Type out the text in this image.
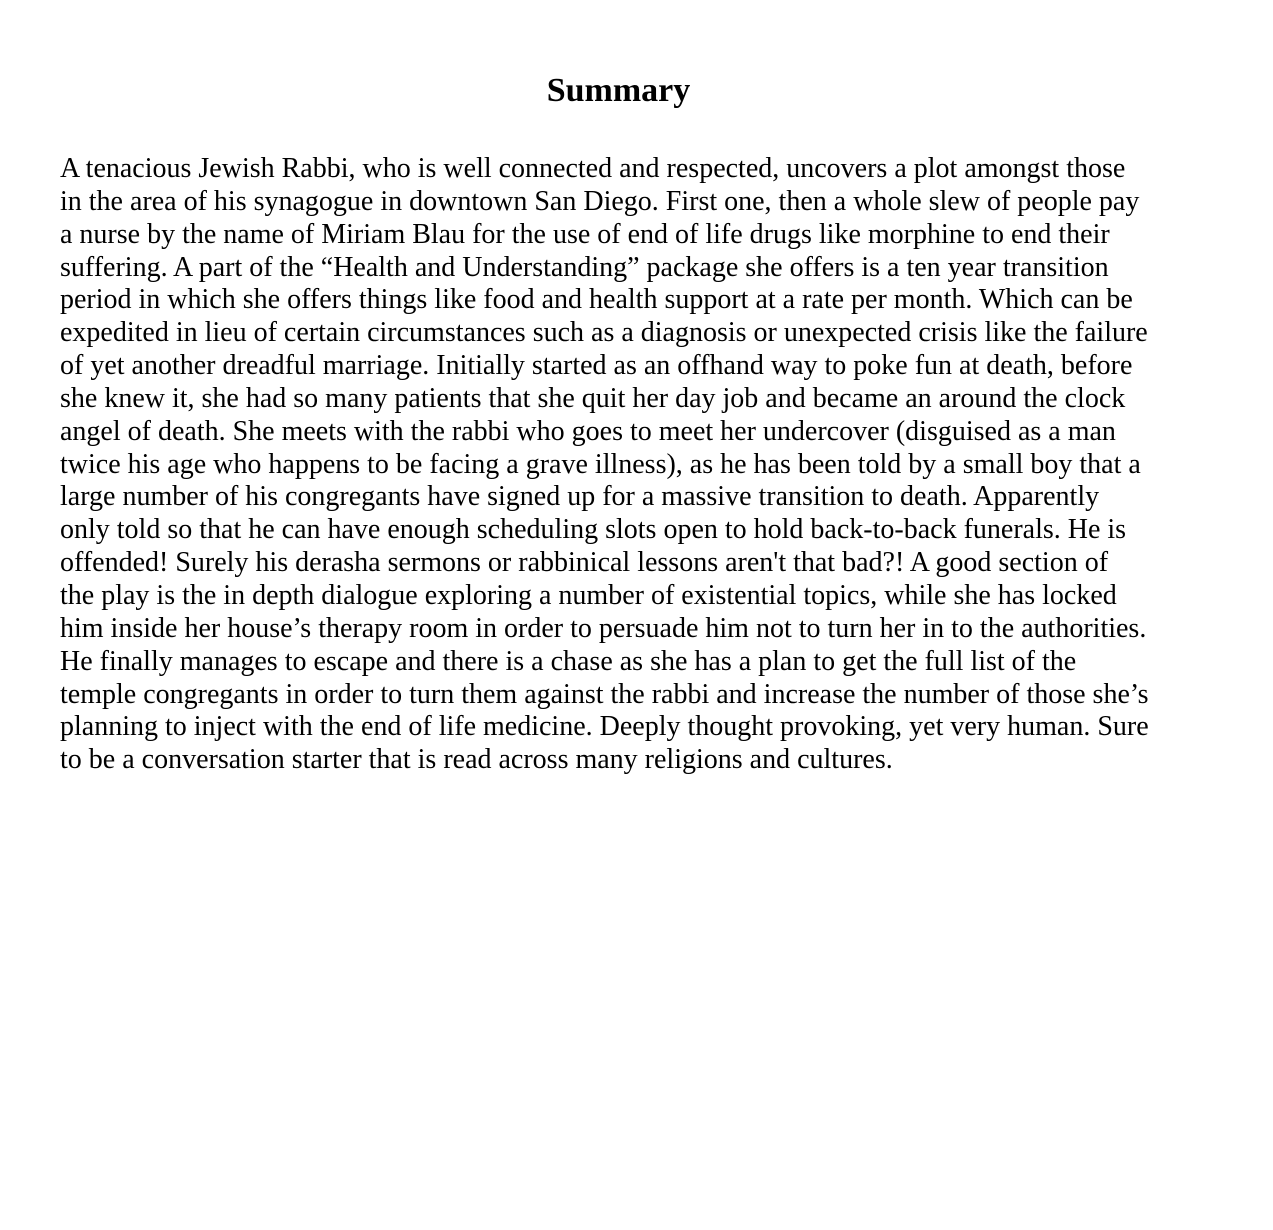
Summary
A tenacious Jewish Rabbi, who is well connected and respected, uncovers a plot amongst those
in the area of his synagogue in downtown San Diego. First one, then a whole slew of people pay
a nurse by the name of Miriam Blau for the use of end of life drugs like morphine to end their
suffering. A part of the “Health and Understanding” package she offers is a ten year transition
period in which she offers things like food and health support at a rate per month. Which can be
expedited in lieu of certain circumstances such as a diagnosis or unexpected crisis like the failure
of yet another dreadful marriage. Initially started as an offhand way to poke fun at death, before
she knew it, she had so many patients that she quit her day job and became an around the clock
angel of death. She meets with the rabbi who goes to meet her undercover (disguised as a man
twice his age who happens to be facing a grave illness), as he has been told by a small boy that a
large number of his congregants have signed up for a massive transition to death. Apparently
only told so that he can have enough scheduling slots open to hold back-to-back funerals. He is
offended! Surely his derasha sermons or rabbinical lessons aren't that bad?! A good section of
the play is the in depth dialogue exploring a number of existential topics, while she has locked
him inside her house’s therapy room in order to persuade him not to turn her in to the authorities.
He finally manages to escape and there is a chase as she has a plan to get the full list of the
temple congregants in order to turn them against the rabbi and increase the number of those she’s
planning to inject with the end of life medicine. Deeply thought provoking, yet very human. Sure
to be a conversation starter that is read across many religions and cultures.
